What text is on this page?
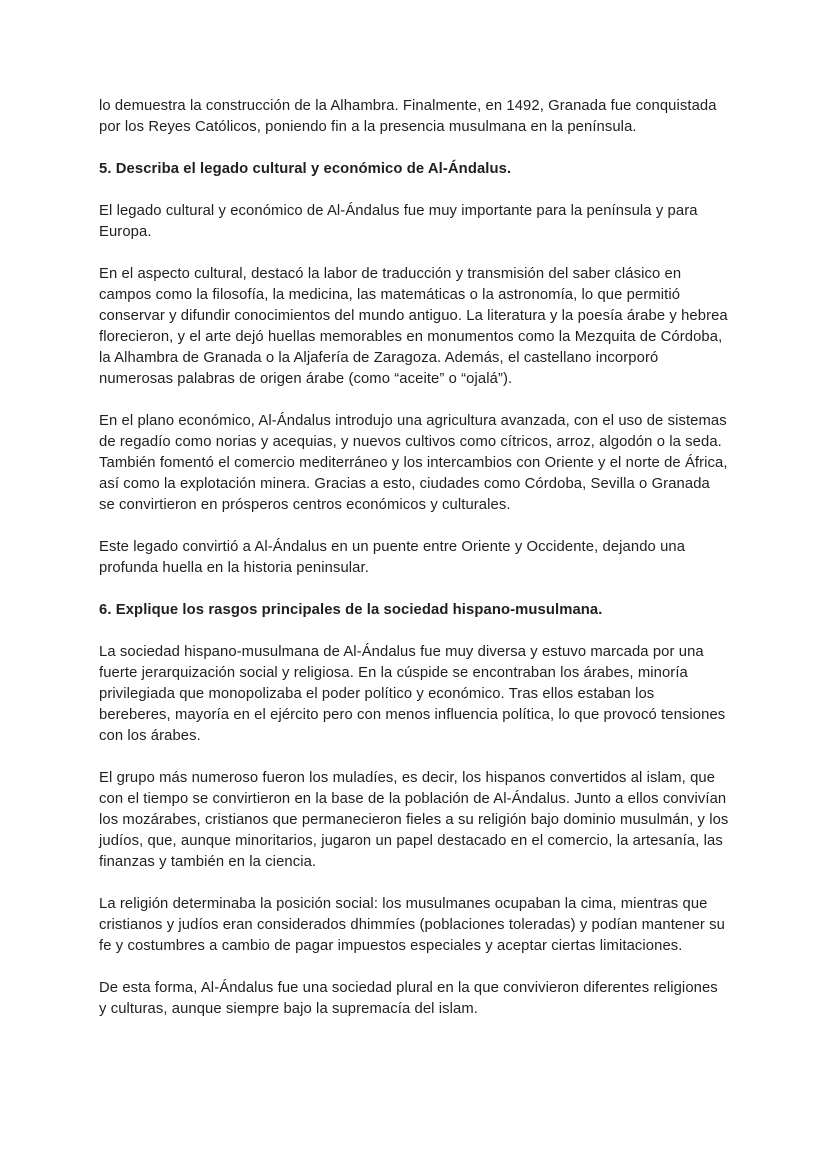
lo demuestra la construcción de la Alhambra. Finalmente, en 1492, Granada fue conquistada por los Reyes Católicos, poniendo fin a la presencia musulmana en la península.

5. Describa el legado cultural y económico de Al-Ándalus.

El legado cultural y económico de Al-Ándalus fue muy importante para la península y para Europa.

En el aspecto cultural, destacó la labor de traducción y transmisión del saber clásico en campos como la filosofía, la medicina, las matemáticas o la astronomía, lo que permitió conservar y difundir conocimientos del mundo antiguo. La literatura y la poesía árabe y hebrea florecieron, y el arte dejó huellas memorables en monumentos como la Mezquita de Córdoba, la Alhambra de Granada o la Aljafería de Zaragoza. Además, el castellano incorporó numerosas palabras de origen árabe (como “aceite” o “ojalá”).

En el plano económico, Al-Ándalus introdujo una agricultura avanzada, con el uso de sistemas de regadío como norias y acequias, y nuevos cultivos como cítricos, arroz, algodón o la seda. También fomentó el comercio mediterráneo y los intercambios con Oriente y el norte de África, así como la explotación minera. Gracias a esto, ciudades como Córdoba, Sevilla o Granada se convirtieron en prósperos centros económicos y culturales.

Este legado convirtió a Al-Ándalus en un puente entre Oriente y Occidente, dejando una profunda huella en la historia peninsular.

6. Explique los rasgos principales de la sociedad hispano-musulmana.

La sociedad hispano-musulmana de Al-Ándalus fue muy diversa y estuvo marcada por una fuerte jerarquización social y religiosa. En la cúspide se encontraban los árabes, minoría privilegiada que monopolizaba el poder político y económico. Tras ellos estaban los bereberes, mayoría en el ejército pero con menos influencia política, lo que provocó tensiones con los árabes.

El grupo más numeroso fueron los muladíes, es decir, los hispanos convertidos al islam, que con el tiempo se convirtieron en la base de la población de Al-Ándalus. Junto a ellos convivían los mozárabes, cristianos que permanecieron fieles a su religión bajo dominio musulmán, y los judíos, que, aunque minoritarios, jugaron un papel destacado en el comercio, la artesanía, las finanzas y también en la ciencia.

La religión determinaba la posición social: los musulmanes ocupaban la cima, mientras que cristianos y judíos eran considerados dhimmíes (poblaciones toleradas) y podían mantener su fe y costumbres a cambio de pagar impuestos especiales y aceptar ciertas limitaciones.

De esta forma, Al-Ándalus fue una sociedad plural en la que convivieron diferentes religiones y culturas, aunque siempre bajo la supremacía del islam.
